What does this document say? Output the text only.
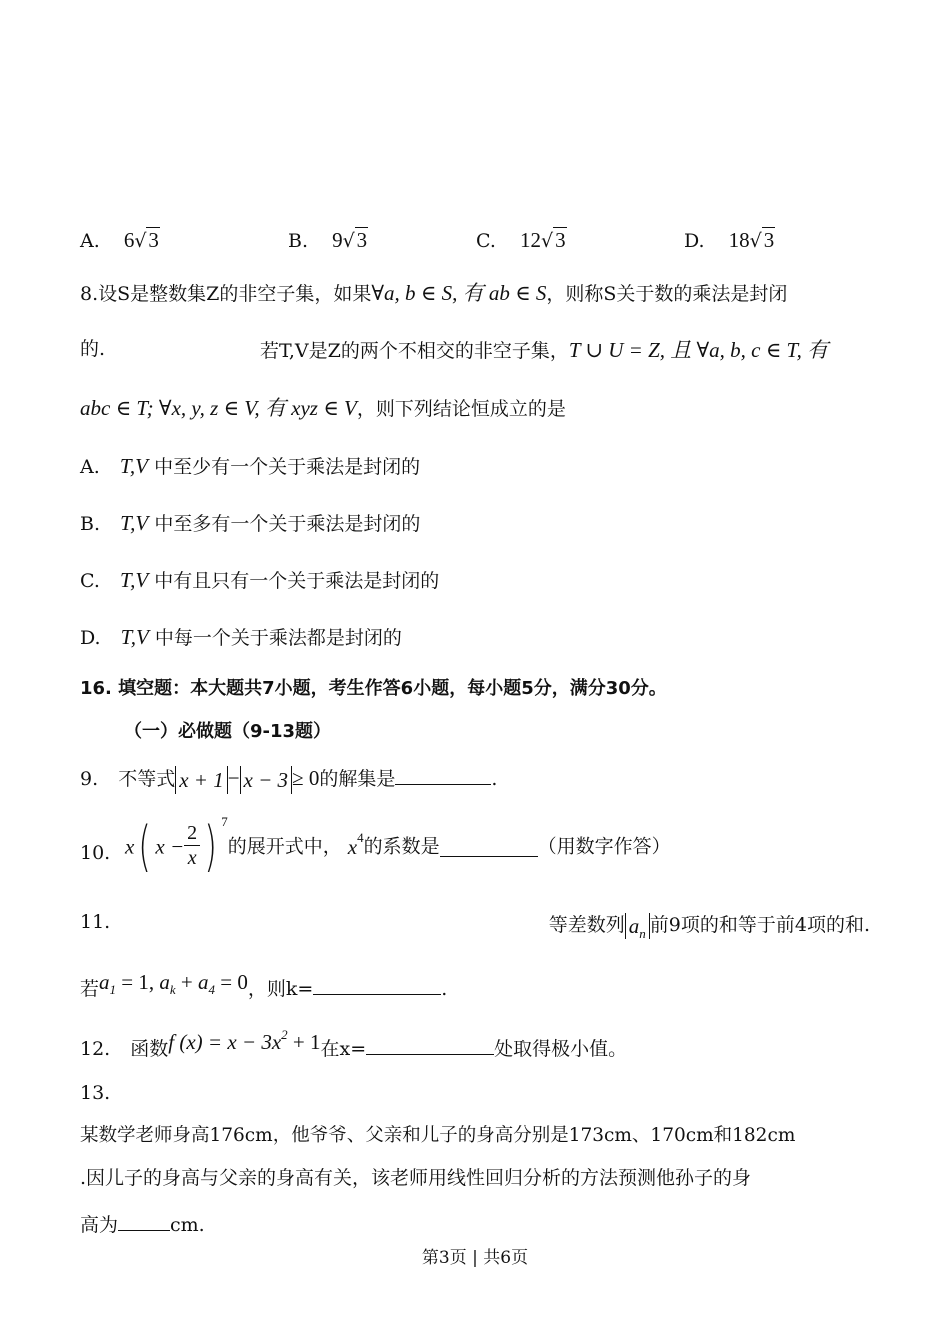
A. 6√3	B. 9√3	C. 12√3	D. 18√3
8.设S是整数集Z的非空子集，如果∀a, b ∈ S, 有 ab ∈ S，则称S关于数的乘法是封闭
的.	若T,V是Z的两个不相交的非空子集，T ∪ U = Z, 且 ∀a, b, c ∈ T, 有
abc ∈ T; ∀x, y, z ∈ V, 有 xyz ∈ V，则下列结论恒成立的是
A. T,V 中至少有一个关于乘法是封闭的
B. T,V 中至多有一个关于乘法是封闭的
C. T,V 中有且只有一个关于乘法是封闭的
D. T,V 中每一个关于乘法都是封闭的
16. 填空题：本大题共7小题，考生作答6小题，每小题5分，满分30分。
（一）必做题（9-13题）
9. 不等式 x + 1 − x − 3 ≥ 0的解集是	.
10. x( $x - \frac{2}{x}$ ) $^7$的展开式中， $x^4$的系数是	（用数字作答）
11.	等差数列 $a_n$ 前9项的和等于前4项的和.
若$a_1 = 1$, $a_k + a_4 = 0$，则k=	.
12. 函数f $(x) = x - 3x^2 + 1$在x=	处取得极小值。
13.
某数学老师身高176cm，他爷爷、父亲和儿子的身高分别是173cm、170cm和182cm
.因儿子的身高与父亲的身高有关，该老师用线性回归分析的方法预测他孙子的身
高为	cm.
第3页 | 共6页
